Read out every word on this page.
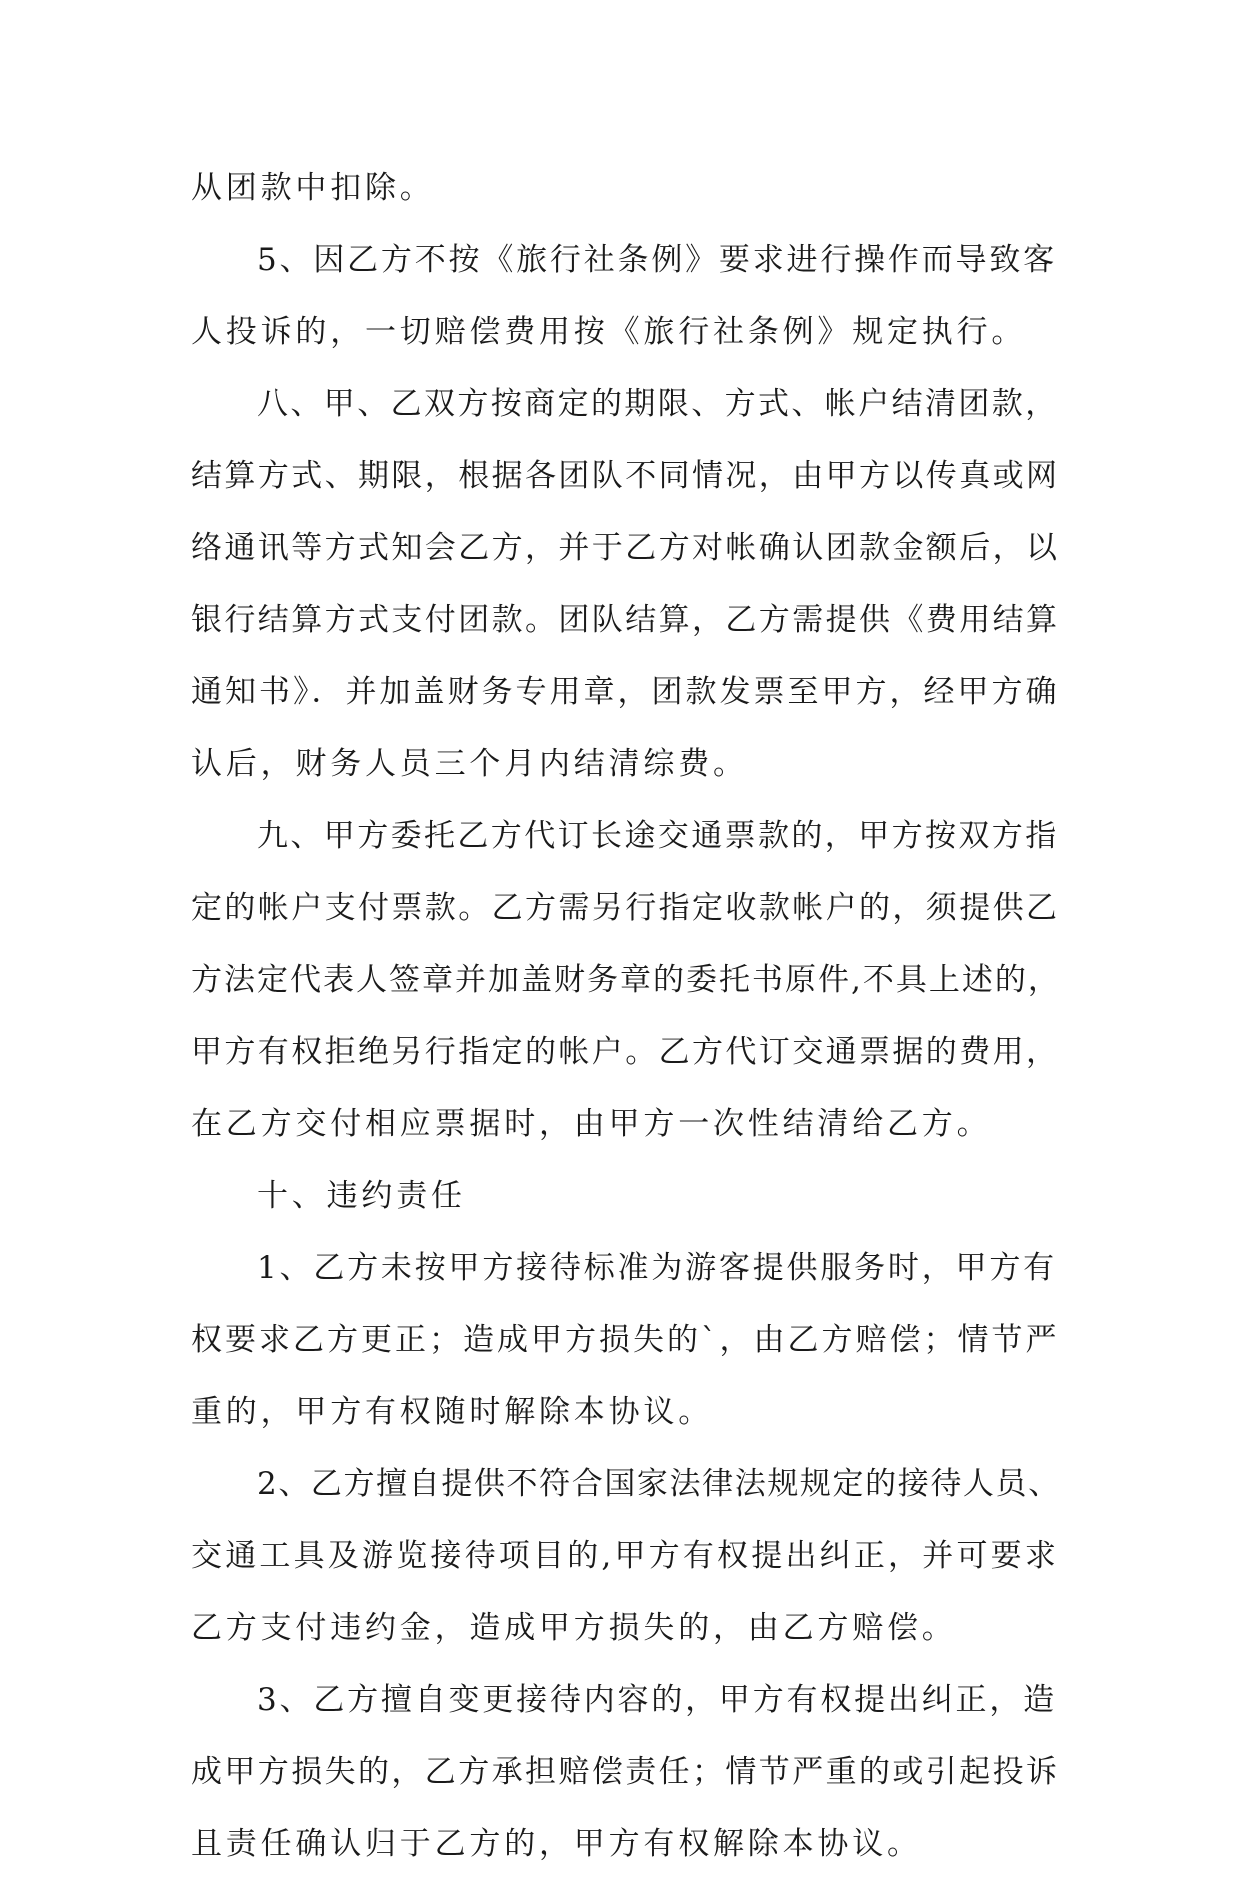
从团款中扣除。
5、因乙方不按《旅行社条例》要求进行操作而导致客
人投诉的，一切赔偿费用按《旅行社条例》规定执行。
八、甲、乙双方按商定的期限、方式、帐户结清团款，
结算方式、期限，根据各团队不同情况，由甲方以传真或网
络通讯等方式知会乙方，并于乙方对帐确认团款金额后，以
银行结算方式支付团款。团队结算，乙方需提供《费用结算
通知书》．并加盖财务专用章，团款发票至甲方，经甲方确
认后，财务人员三个月内结清综费。
九、甲方委托乙方代订长途交通票款的，甲方按双方指
定的帐户支付票款。乙方需另行指定收款帐户的，须提供乙
方法定代表人签章并加盖财务章的委托书原件,不具上述的，
甲方有权拒绝另行指定的帐户。乙方代订交通票据的费用，
在乙方交付相应票据时，由甲方一次性结清给乙方。
十、违约责任
1、乙方未按甲方接待标准为游客提供服务时，甲方有
权要求乙方更正；造成甲方损失的`，由乙方赔偿；情节严
重的，甲方有权随时解除本协议。
2、乙方擅自提供不符合国家法律法规规定的接待人员、
交通工具及游览接待项目的,甲方有权提出纠正，并可要求
乙方支付违约金，造成甲方损失的，由乙方赔偿。
3、乙方擅自变更接待内容的，甲方有权提出纠正，造
成甲方损失的，乙方承担赔偿责任；情节严重的或引起投诉
且责任确认归于乙方的，甲方有权解除本协议。
